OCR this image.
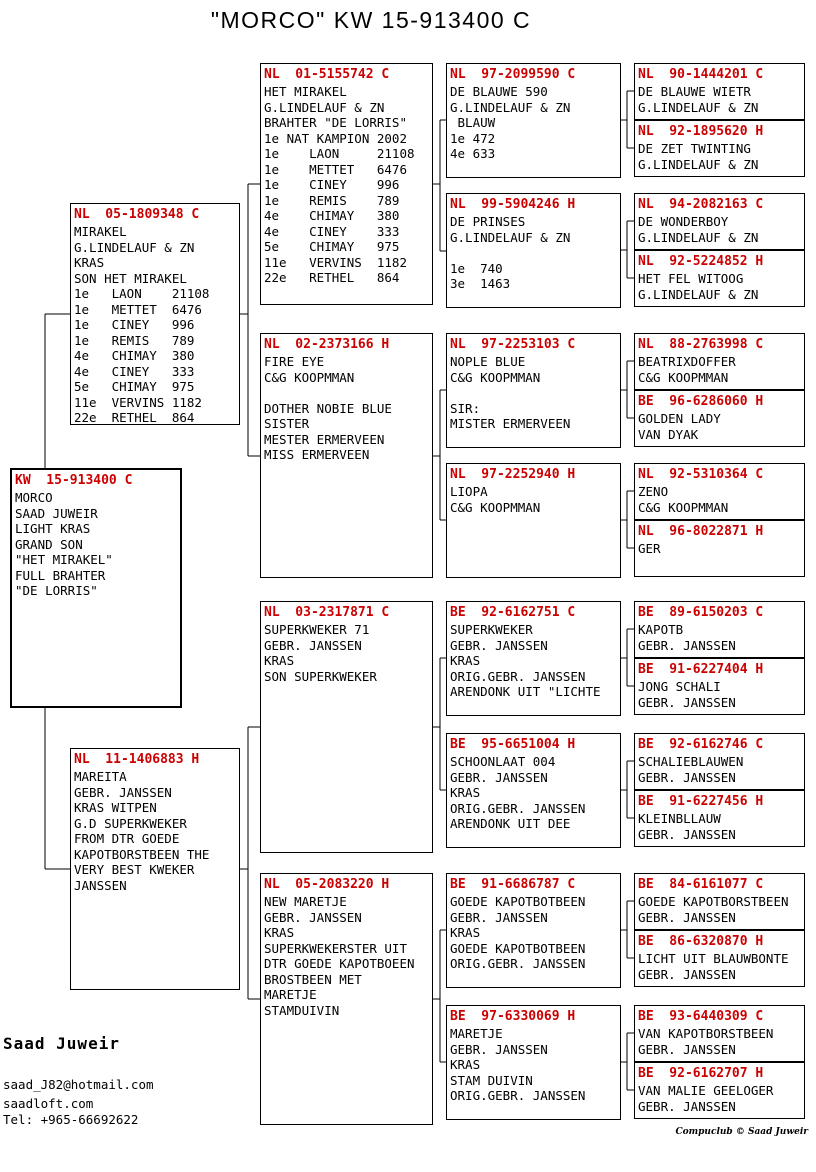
"MORCO" KW 15-913400 C
KW  15-913400 C
MORCO
SAAD JUWEIR
LIGHT KRAS
GRAND SON
"HET MIRAKEL"
FULL BRAHTER
"DE LORRIS"
NL  05-1809348 C
MIRAKEL
G.LINDELAUF & ZN
KRAS
SON HET MIRAKEL
1e   LAON    21108
1e   METTET  6476
1e   CINEY   996
1e   REMIS   789
4e   CHIMAY  380
4e   CINEY   333
5e   CHIMAY  975
11e  VERVINS 1182
22e  RETHEL  864
NL  11-1406883 H
MAREITA
GEBR. JANSSEN
KRAS WITPEN
G.D SUPERKWEKER
FROM DTR GOEDE
KAPOTBORSTBEEN THE
VERY BEST KWEKER
JANSSEN
NL  01-5155742 C
HET MIRAKEL
G.LINDELAUF & ZN
BRAHTER "DE LORRIS"
1e NAT KAMPION 2002
1e    LAON     21108
1e    METTET   6476
1e    CINEY    996
1e    REMIS    789
4e    CHIMAY   380
4e    CINEY    333
5e    CHIMAY   975
11e   VERVINS  1182
22e   RETHEL   864
NL  02-2373166 H
FIRE EYE
C&G KOOPMMAN

DOTHER NOBIE BLUE
SISTER
MESTER ERMERVEEN
MISS ERMERVEEN
NL  03-2317871 C
SUPERKWEKER 71
GEBR. JANSSEN
KRAS
SON SUPERKWEKER
NL  05-2083220 H
NEW MARETJE
GEBR. JANSSEN
KRAS
SUPERKWEKERSTER UIT
DTR GOEDE KAPOTBOEEN
BROSTBEEN MET
MARETJE
STAMDUIVIN
NL  97-2099590 C
DE BLAUWE 590
G.LINDELAUF & ZN
BLAUW
1e 472
4e 633
NL  99-5904246 H
DE PRINSES
G.LINDELAUF & ZN

1e  740
3e  1463
NL  97-2253103 C
NOPLE BLUE
C&G KOOPMMAN

SIR:
MISTER ERMERVEEN
NL  97-2252940 H
LIOPA
C&G KOOPMMAN
BE  92-6162751 C
SUPERKWEKER
GEBR. JANSSEN
KRAS
ORIG.GEBR. JANSSEN
ARENDONK UIT "LICHTE
BE  95-6651004 H
SCHOONLAAT 004
GEBR. JANSSEN
KRAS
ORIG.GEBR. JANSSEN
ARENDONK UIT DEE
BE  91-6686787 C
GOEDE KAPOTBOTBEEN
GEBR. JANSSEN
KRAS
GOEDE KAPOTBOTBEEN
ORIG.GEBR. JANSSEN
BE  97-6330069 H
MARETJE
GEBR. JANSSEN
KRAS
STAM DUIVIN
ORIG.GEBR. JANSSEN
NL  90-1444201 C
DE BLAUWE WIETR
G.LINDELAUF & ZN
NL  92-1895620 H
DE ZET TWINTING
G.LINDELAUF & ZN
NL  94-2082163 C
DE WONDERBOY
G.LINDELAUF & ZN
NL  92-5224852 H
HET FEL WITOOG
G.LINDELAUF & ZN
NL  88-2763998 C
BEATRIXDOFFER
C&G KOOPMMAN
BE  96-6286060 H
GOLDEN LADY
VAN DYAK
NL  92-5310364 C
ZENO
C&G KOOPMMAN
NL  96-8022871 H
GER
BE  89-6150203 C
KAPOTB
GEBR. JANSSEN
BE  91-6227404 H
JONG SCHALI
GEBR. JANSSEN
BE  92-6162746 C
SCHALIEBLAUWEN
GEBR. JANSSEN
BE  91-6227456 H
KLEINBLLAUW
GEBR. JANSSEN
BE  84-6161077 C
GOEDE KAPOTBORSTBEEN
GEBR. JANSSEN
BE  86-6320870 H
LICHT UIT BLAUWBONTE
GEBR. JANSSEN
BE  93-6440309 C
VAN KAPOTBORSTBEEN
GEBR. JANSSEN
BE  92-6162707 H
VAN MALIE GEELOGER
GEBR. JANSSEN
Saad Juweir
saad_J82@hotmail.com
saadloft.com
Tel: +965-66692622
Compuclub © Saad Juweir
